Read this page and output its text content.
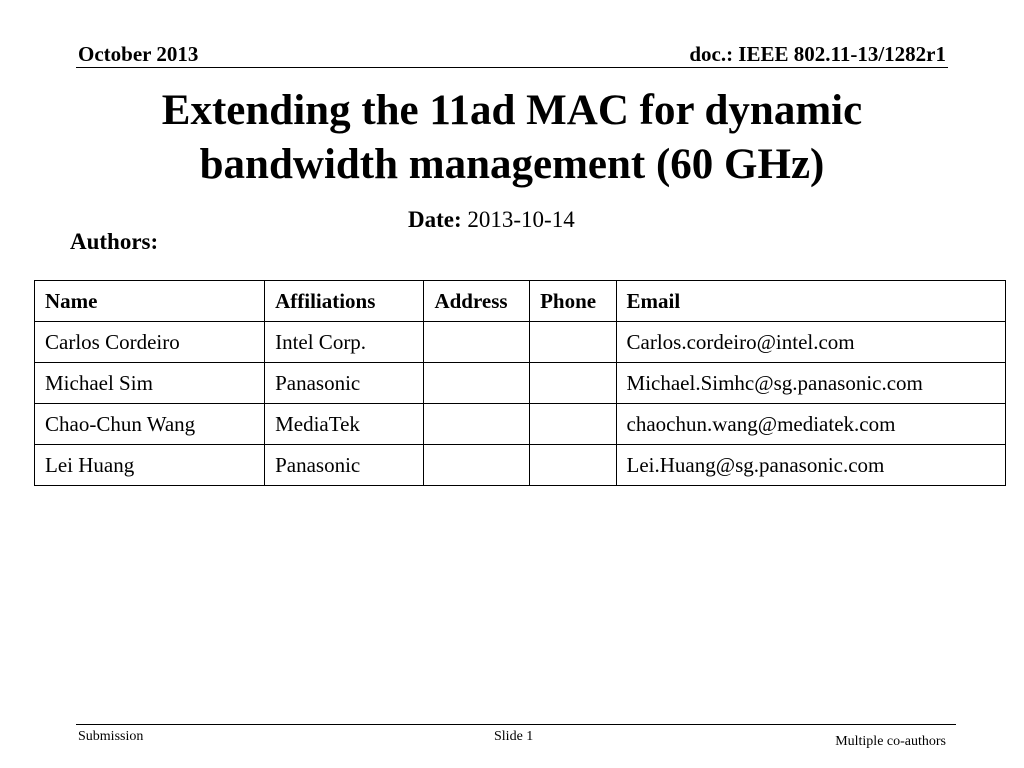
October 2013	doc.: IEEE 802.11-13/1282r1
Extending the 11ad MAC for dynamic
bandwidth management (60 GHz)
Date: 2013-10-14
Authors:
Name	Affiliations	Address	Phone	Email
Carlos Cordeiro	Intel Corp.			Carlos.cordeiro@intel.com
Michael Sim	Panasonic			Michael.Simhc@sg.panasonic.com
Chao-Chun Wang	MediaTek			chaochun.wang@mediatek.com
Lei Huang	Panasonic			Lei.Huang@sg.panasonic.com
Submission	Slide 1	Multiple co-authors
